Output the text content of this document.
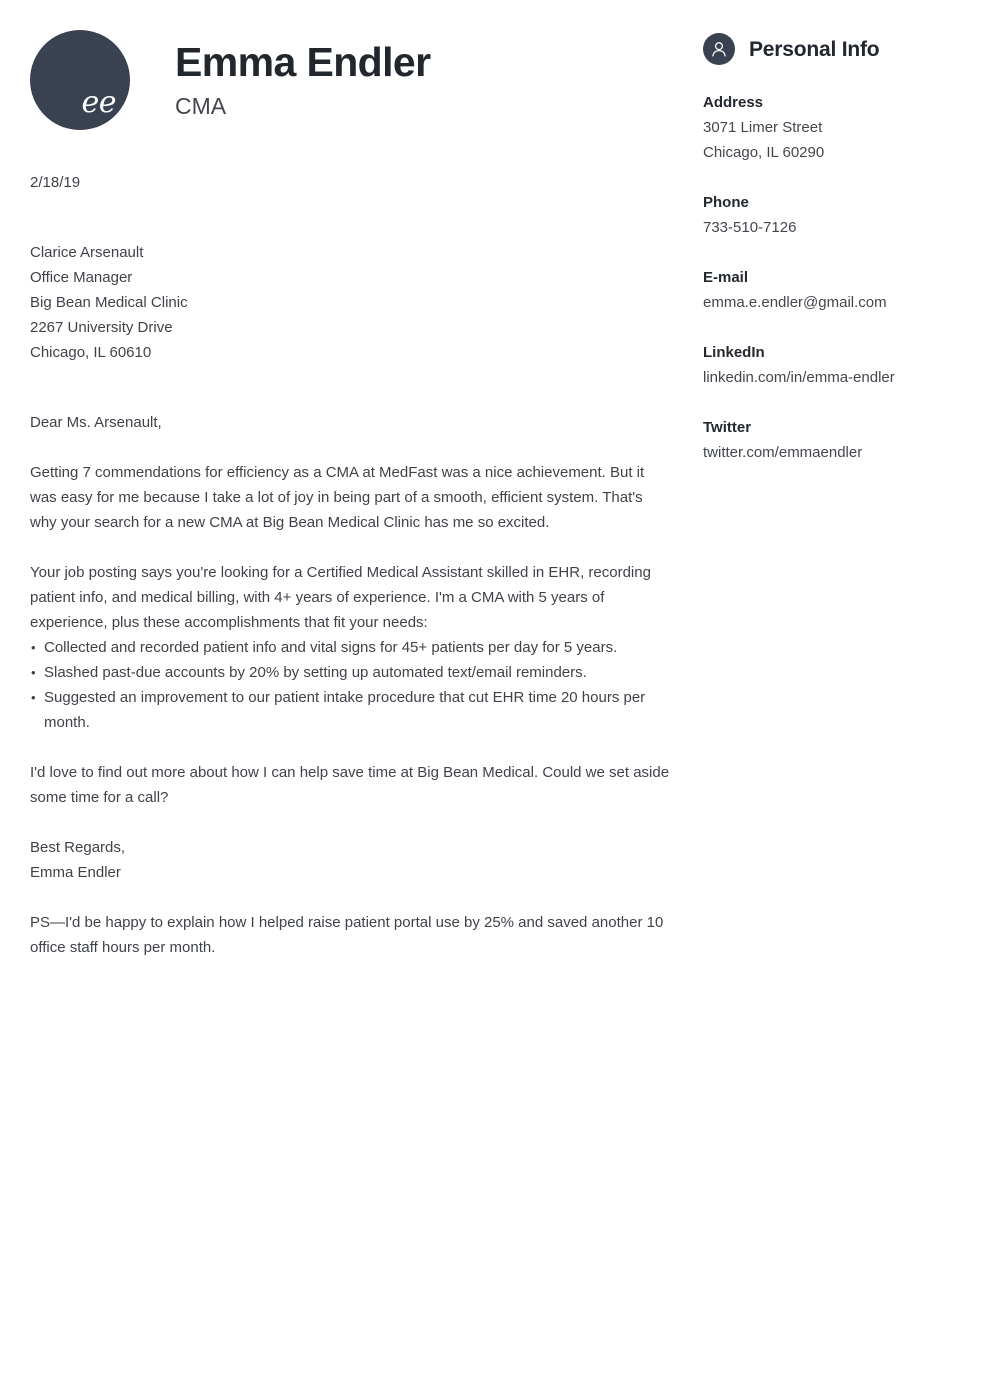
ee
Emma Endler
CMA
2/18/19
Clarice Arsenault
Office Manager
Big Bean Medical Clinic
2267 University Drive
Chicago, IL 60610
Dear Ms. Arsenault,
Getting 7 commendations for efficiency as a CMA at MedFast was a nice achievement. But it was easy for me because I take a lot of joy in being part of a smooth, efficient system. That's why your search for a new CMA at Big Bean Medical Clinic has me so excited.
Your job posting says you're looking for a Certified Medical Assistant skilled in EHR, recording patient info, and medical billing, with 4+ years of experience. I'm a CMA with 5 years of experience, plus these accomplishments that fit your needs:
• Collected and recorded patient info and vital signs for 45+ patients per day for 5 years.
• Slashed past-due accounts by 20% by setting up automated text/email reminders.
• Suggested an improvement to our patient intake procedure that cut EHR time 20 hours per month.
I'd love to find out more about how I can help save time at Big Bean Medical. Could we set aside some time for a call?
Best Regards,
Emma Endler
PS—I'd be happy to explain how I helped raise patient portal use by 25% and saved another 10 office staff hours per month.
Personal Info
Address
3071 Limer Street
Chicago, IL 60290
Phone
733-510-7126
E-mail
emma.e.endler@gmail.com
LinkedIn
linkedin.com/in/emma-endler
Twitter
twitter.com/emmaendler
